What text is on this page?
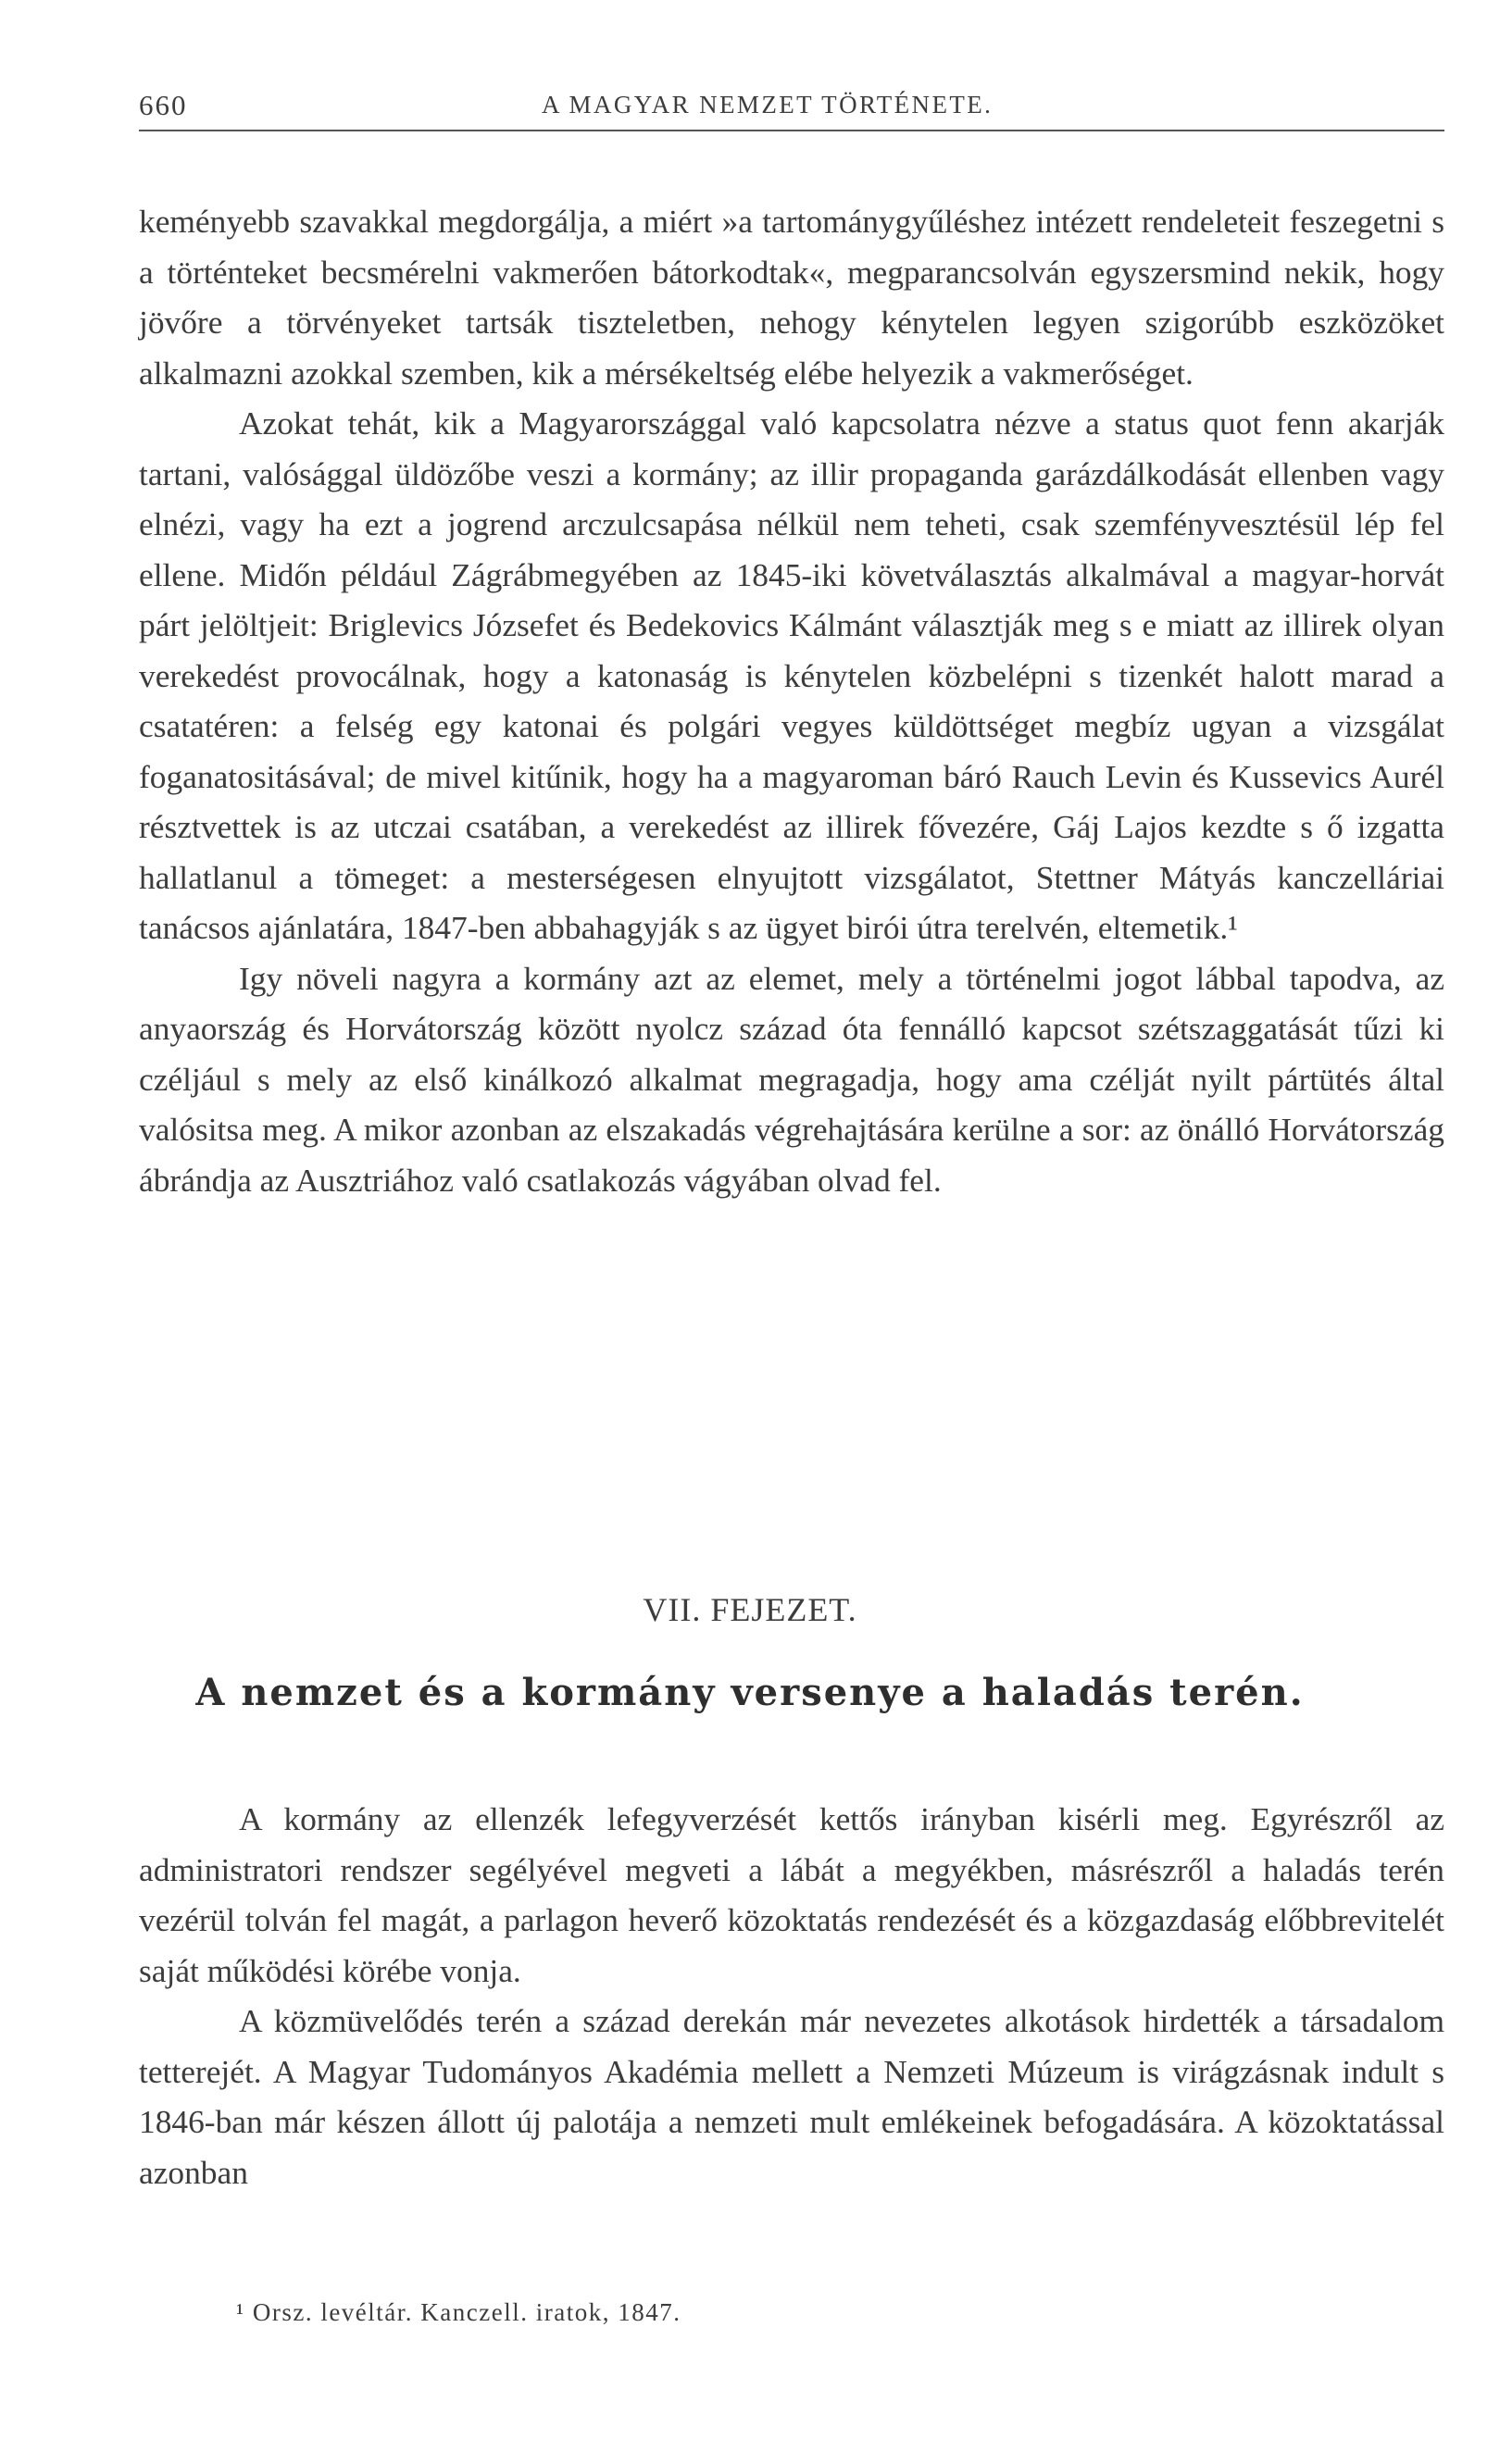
660	A MAGYAR NEMZET TÖRTÉNETE.

keményebb szavakkal megdorgálja, a miért »a tartománygyűléshez intézett rendeleteit feszegetni s a történteket becsmérelni vakmerően bátorkodtak«, megparancsolván egyszersmind nekik, hogy jövőre a törvényeket tartsák tiszteletben, nehogy kénytelen legyen szigorúbb eszközöket alkalmazni azokkal szemben, kik a mérsékeltség elébe helyezik a vakmerőséget.

Azokat tehát, kik a Magyarországgal való kapcsolatra nézve a status quot fenn akarják tartani, valósággal üldözőbe veszi a kormány; az illir propaganda garázdálkodását ellenben vagy elnézi, vagy ha ezt a jogrend arczulcsapása nélkül nem teheti, csak szemfényvesztésül lép fel ellene. Midőn például Zágrábmegyében az 1845-iki követválasztás alkalmával a magyar-horvát párt jelöltjeit: Briglevics Józsefet és Bedekovics Kálmánt választják meg s e miatt az illirek olyan verekedést provocálnak, hogy a katonaság is kénytelen közbelépni s tizenkét halott marad a csatatéren: a felség egy katonai és polgári vegyes küldöttséget megbíz ugyan a vizsgálat foganatositásával; de mivel kitűnik, hogy ha a magyaroman báró Rauch Levin és Kussevics Aurél résztvettek is az utczai csatában, a verekedést az illirek fővezére, Gáj Lajos kezdte s ő izgatta hallatlanul a tömeget: a mesterségesen elnyujtott vizsgálatot, Stettner Mátyás kanczelláriai tanácsos ajánlatára, 1847-ben abbahagyják s az ügyet birói útra terelvén, eltemetik.¹

Igy növeli nagyra a kormány azt az elemet, mely a történelmi jogot lábbal tapodva, az anyaország és Horvátország között nyolcz század óta fennálló kapcsot szétszaggatását tűzi ki czéljául s mely az első kinálkozó alkalmat megragadja, hogy ama czélját nyilt pártütés által valósitsa meg. A mikor azonban az elszakadás végrehajtására kerülne a sor: az önálló Horvátország ábrándja az Ausztriához való csatlakozás vágyában olvad fel.

VII. FEJEZET.
A nemzet és a kormány versenye a haladás terén.

A kormány az ellenzék lefegyverzését kettős irányban kisérli meg. Egyrészről az administratori rendszer segélyével megveti a lábát a megyékben, másrészről a haladás terén vezérül tolván fel magát, a parlagon heverő közoktatás rendezését és a közgazdaság előbbrevitelét saját működési körébe vonja.

A közmüvelődés terén a század derekán már nevezetes alkotások hirdették a társadalom tetterejét. A Magyar Tudományos Akadémia mellett a Nemzeti Múzeum is virágzásnak indult s 1846-ban már készen állott új palotája a nemzeti mult emlékeinek befogadására. A közoktatással azonban

¹ Orsz. levéltár. Kanczell. iratok, 1847.
